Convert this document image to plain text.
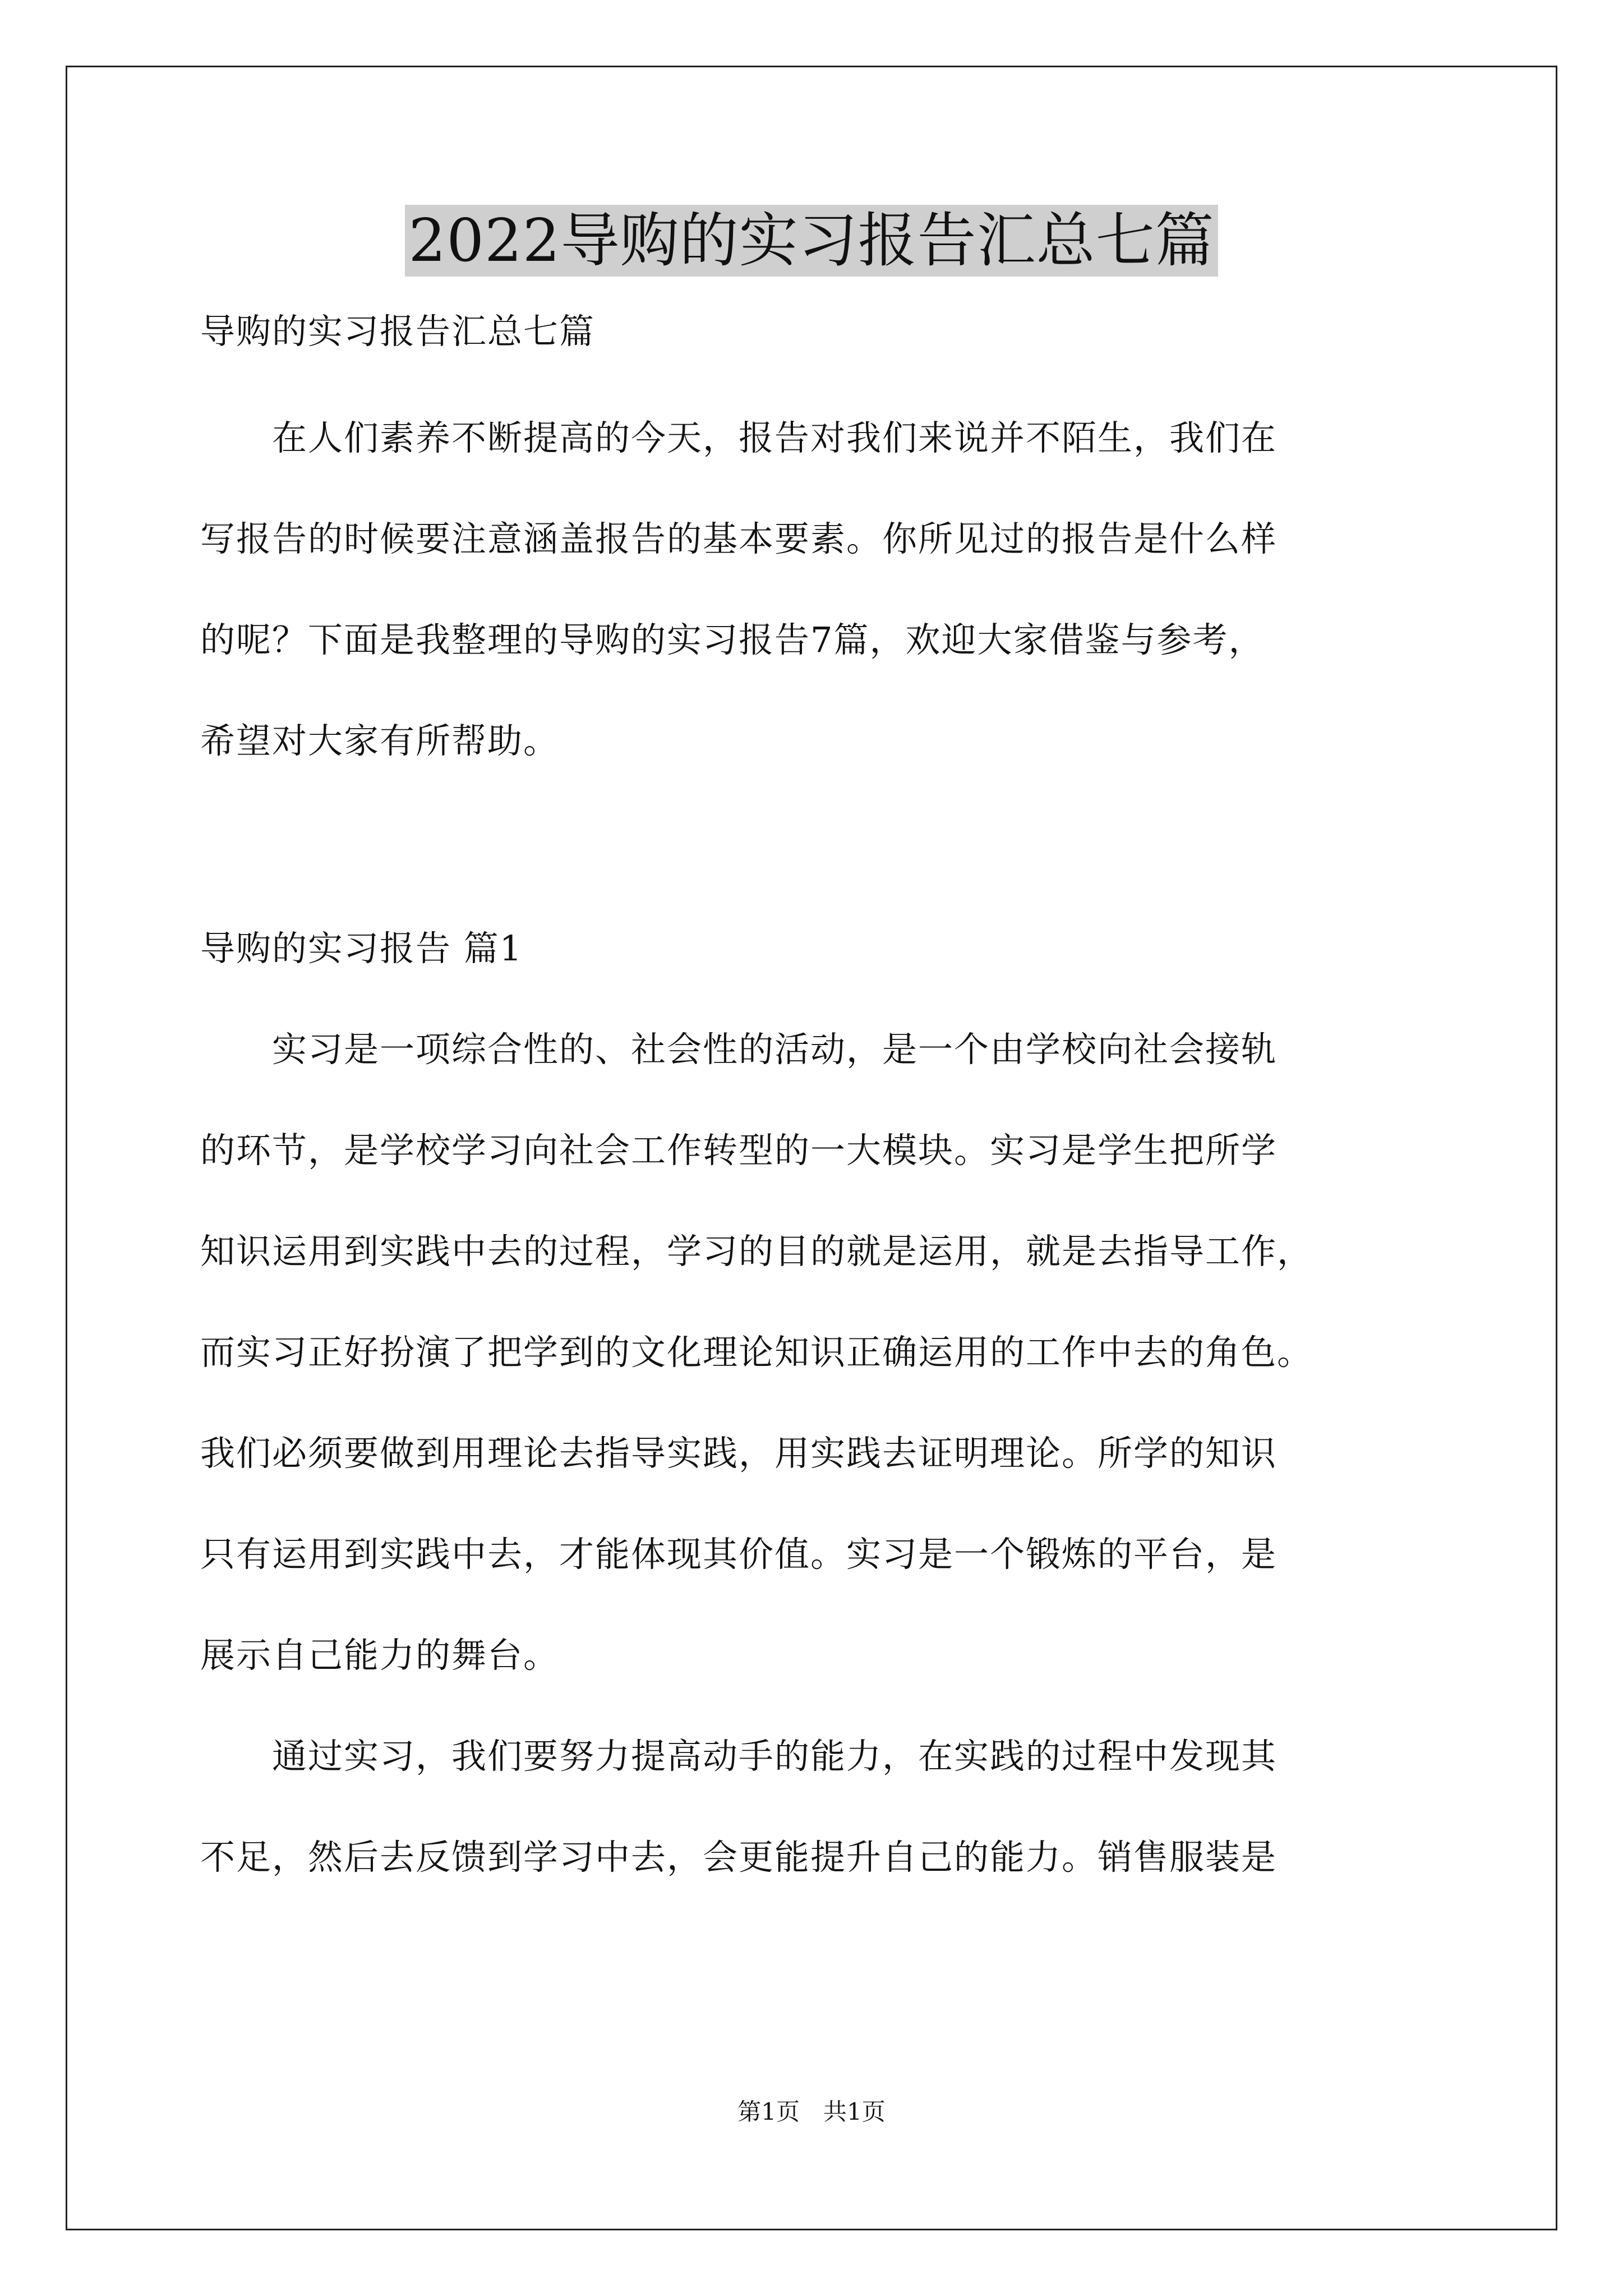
2022导购的实习报告汇总七篇
导购的实习报告汇总七篇
　　在人们素养不断提高的今天，报告对我们来说并不陌生，我们在
写报告的时候要注意涵盖报告的基本要素。你所见过的报告是什么样
的呢？下面是我整理的导购的实习报告7篇，欢迎大家借鉴与参考，
希望对大家有所帮助。
导购的实习报告 篇1
　　实习是一项综合性的、社会性的活动，是一个由学校向社会接轨
的环节，是学校学习向社会工作转型的一大模块。实习是学生把所学
知识运用到实践中去的过程，学习的目的就是运用，就是去指导工作，
而实习正好扮演了把学到的文化理论知识正确运用的工作中去的角色。
我们必须要做到用理论去指导实践，用实践去证明理论。所学的知识
只有运用到实践中去，才能体现其价值。实习是一个锻炼的平台，是
展示自己能力的舞台。
　　通过实习，我们要努力提高动手的能力，在实践的过程中发现其
不足，然后去反馈到学习中去，会更能提升自己的能力。销售服装是
第1页　共1页
